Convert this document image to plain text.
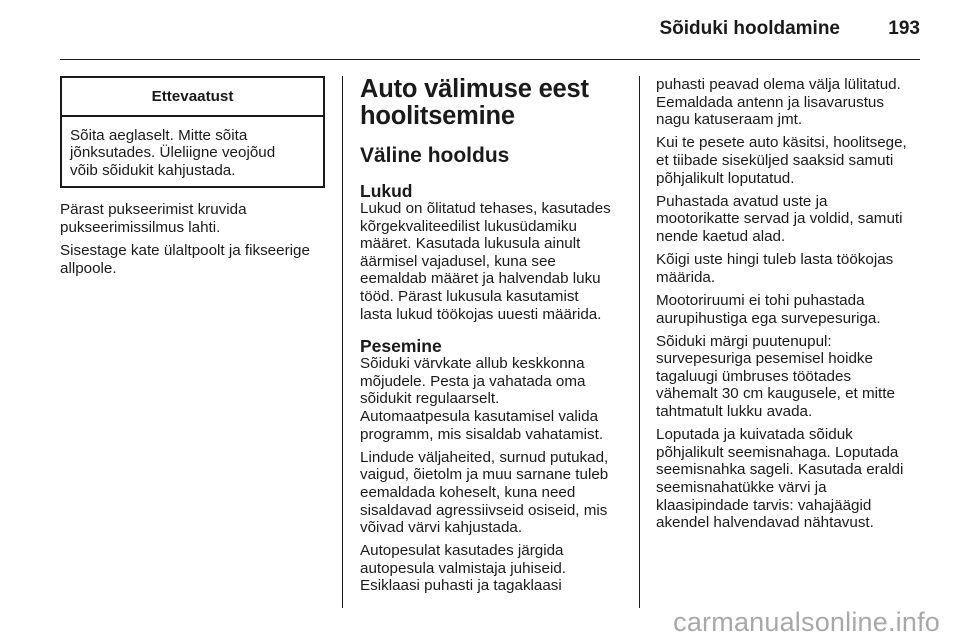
Sõiduki hooldamine	193
Ettevaatust
Sõita aeglaselt. Mitte sõita
jõnksutades. Üleliigne veojõud
võib sõidukit kahjustada.

Pärast pukseerimist kruvida
pukseerimissilmus lahti.

Sisestage kate ülaltpoolt ja fikseerige
allpoole.

Auto välimuse eest
hoolitsemine
Väline hooldus
Lukud

Lukud on õlitatud tehases, kasutades
kõrgekvaliteedilist lukusüdamiku
määret. Kasutada lukusula ainult
äärmisel vajadusel, kuna see
eemaldab määret ja halvendab luku
tööd. Pärast lukusula kasutamist
lasta lukud töökojas uuesti määrida.

Pesemine

Sõiduki värvkate allub keskkonna
mõjudele. Pesta ja vahatada oma
sõidukit regulaarselt.
Automaatpesula kasutamisel valida
programm, mis sisaldab vahatamist.

Lindude väljaheited, surnud putukad,
vaigud, õietolm ja muu sarnane tuleb
eemaldada koheselt, kuna need
sisaldavad agressiivseid osiseid, mis
võivad värvi kahjustada.

Autopesulat kasutades järgida
autopesula valmistaja juhiseid.
Esiklaasi puhasti ja tagaklaasi

puhasti peavad olema välja lülitatud.
Eemaldada antenn ja lisavarustus
nagu katuseraam jmt.

Kui te pesete auto käsitsi, hoolitsege,
et tiibade siseküljed saaksid samuti
põhjalikult loputatud.

Puhastada avatud uste ja
mootorikatte servad ja voldid, samuti
nende kaetud alad.

Kõigi uste hingi tuleb lasta töökojas
määrida.

Mootoriruumi ei tohi puhastada
aurupihustiga ega survepesuriga.

Sõiduki märgi puutenupul:
survepesuriga pesemisel hoidke
tagaluugi ümbruses töötades
vähemalt 30 cm kaugusele, et mitte
tahtmatult lukku avada.

Loputada ja kuivatada sõiduk
põhjalikult seemisnahaga. Loputada
seemisnahka sageli. Kasutada eraldi
seemisnahatükke värvi ja
klaasipindade tarvis: vahajäägid
akendel halvendavad nähtavust.

carmanualsonline.info
